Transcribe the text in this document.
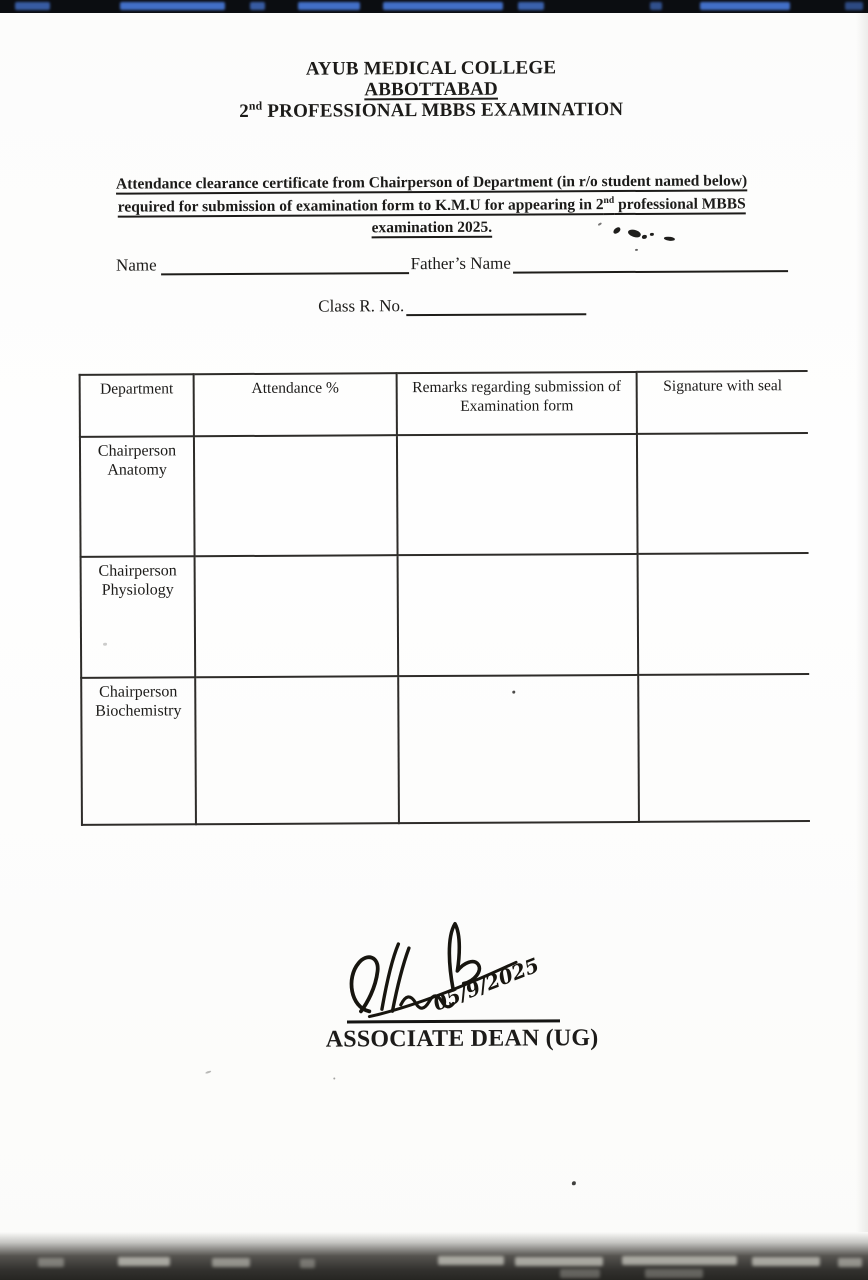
AYUB MEDICAL COLLEGE
ABBOTTABAD
2nd PROFESSIONAL MBBS EXAMINATION
Attendance clearance certificate from Chairperson of Department (in r/o student named below)
required for submission of examination form to K.M.U for appearing in 2nd professional MBBS
examination 2025.
Name	Father’s Name
Class R. No.
Department	Attendance %	Remarks regarding submission of Examination form	Signature with seal
Chairperson Anatomy			
Chairperson Physiology			
Chairperson Biochemistry			
05/9/2025
ASSOCIATE DEAN (UG)
